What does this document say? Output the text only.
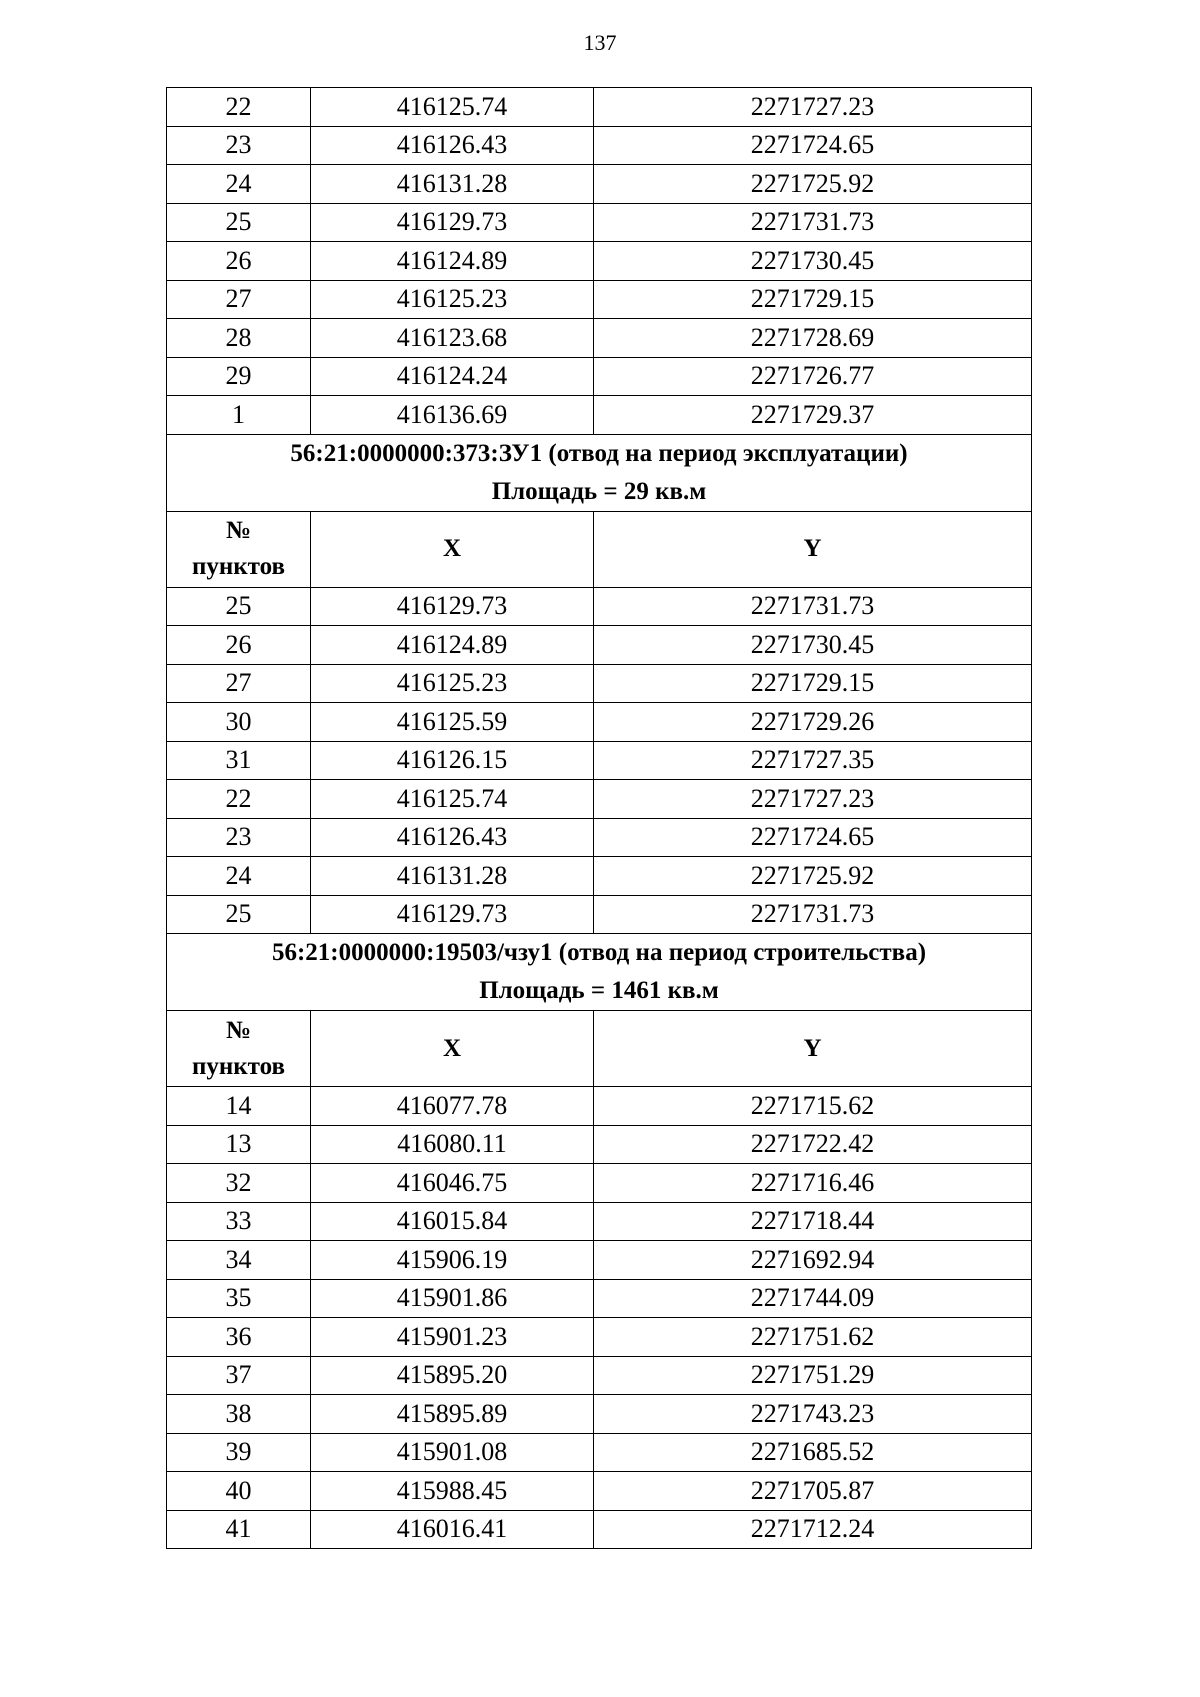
137
22	416125.74	2271727.23
23	416126.43	2271724.65
24	416131.28	2271725.92
25	416129.73	2271731.73
26	416124.89	2271730.45
27	416125.23	2271729.15
28	416123.68	2271728.69
29	416124.24	2271726.77
1	416136.69	2271729.37

56:21:0000000:373:ЗУ1 (отвод на период эксплуатации)
Площадь = 29 кв.м		

№
пунктов	X	Y
25	416129.73	2271731.73
26	416124.89	2271730.45
27	416125.23	2271729.15
30	416125.59	2271729.26
31	416126.15	2271727.35
22	416125.74	2271727.23
23	416126.43	2271724.65
24	416131.28	2271725.92
25	416129.73	2271731.73

56:21:0000000:19503/чзу1 (отвод на период строительства)
Площадь = 1461 кв.м		

№
пунктов	X	Y
14	416077.78	2271715.62
13	416080.11	2271722.42
32	416046.75	2271716.46
33	416015.84	2271718.44
34	415906.19	2271692.94
35	415901.86	2271744.09
36	415901.23	2271751.62
37	415895.20	2271751.29
38	415895.89	2271743.23
39	415901.08	2271685.52
40	415988.45	2271705.87
41	416016.41	2271712.24
